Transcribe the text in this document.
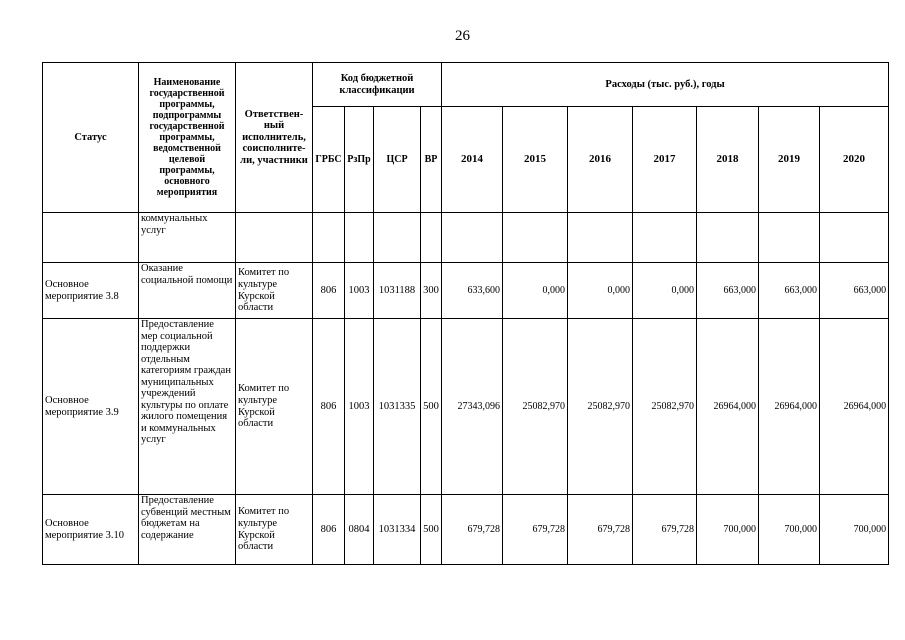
26
Статус	Наименование государственной программы, подпрограммы государственной программы, ведомственной целевой программы, основного мероприятия	Ответствен-ный исполнитель, соисполните-ли, участники	Код бюджетной классификации				Расходы (тыс. руб.), годы						
			ГРБС	РзПр	ЦСР	ВР	2014	2015	2016	2017	2018	2019	2020
	коммунальных услуг												
Основное мероприятие 3.8	Оказание социальной помощи	Комитет по культуре Курской области	806	1003	1031188	300	633,600	0,000	0,000	0,000	663,000	663,000	663,000
Основное мероприятие 3.9	Предоставление мер социальной поддержки отдельным категориям граждан муниципальных учреждений культуры по оплате жилого помещения и коммунальных услуг	Комитет по культуре Курской области	806	1003	1031335	500	27343,096	25082,970	25082,970	25082,970	26964,000	26964,000	26964,000
Основное мероприятие 3.10	Предоставление субвенций местным бюджетам на содержание	Комитет по культуре Курской области	806	0804	1031334	500	679,728	679,728	679,728	679,728	700,000	700,000	700,000
